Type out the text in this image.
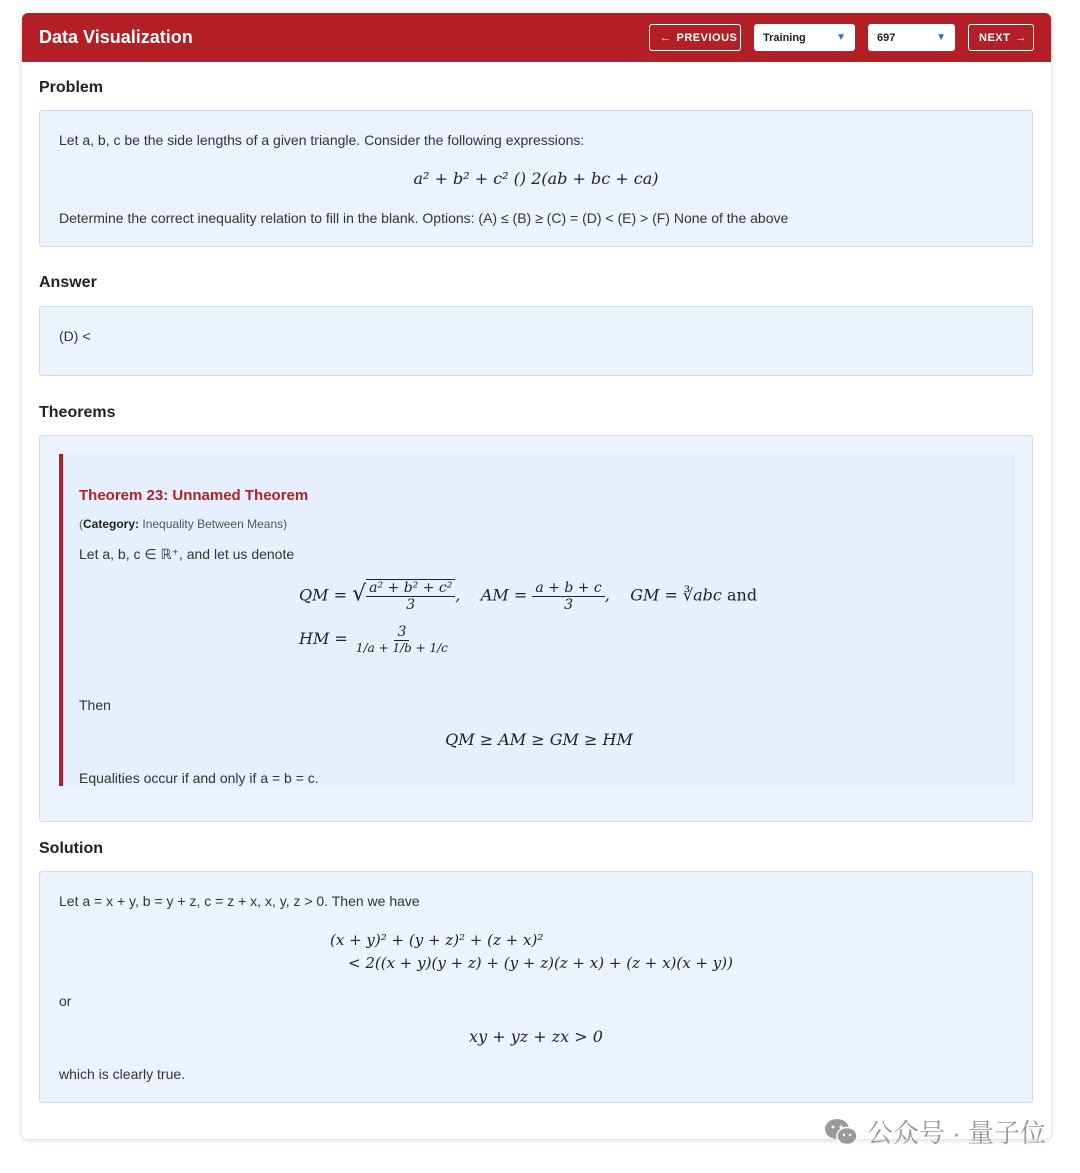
Data Visualization	← PREVIOUS Training	▼	697	▼	NEXT →
Problem
Let a, b, c be the side lengths of a given triangle. Consider the following expressions:
a² + b² + c² () 2(ab + bc + ca)
Determine the correct inequality relation to fill in the blank. Options: (A) ≤ (B) ≥ (C) = (D) < (E) > (F) None of the above
Answer
(D) <
Theorems
Theorem 23: Unnamed Theorem
(Category: Inequality Between Means)
Let a, b, c ∈ ℝ⁺, and let us denote
QM = √ $\frac{\text{a² + b² + c²}}{3}$ ,    AM = $\frac{a + b + c}{3}$ ,    GM = ∛abc and
HM = $\frac{3}{1/a + 1/b + 1/c}$
Then
QM ≥ AM ≥ GM ≥ HM
Equalities occur if and only if a = b = c.
Solution
Let a = x + y, b = y + z, c = z + x, x, y, z > 0. Then we have
(x + y)² + (y + z)² + (z + x)²
< 2((x + y)(y + z) + (y + z)(z + x) + (z + x)(x + y))
or
xy + yz + zx > 0
which is clearly true.
公众号 · 量子位
